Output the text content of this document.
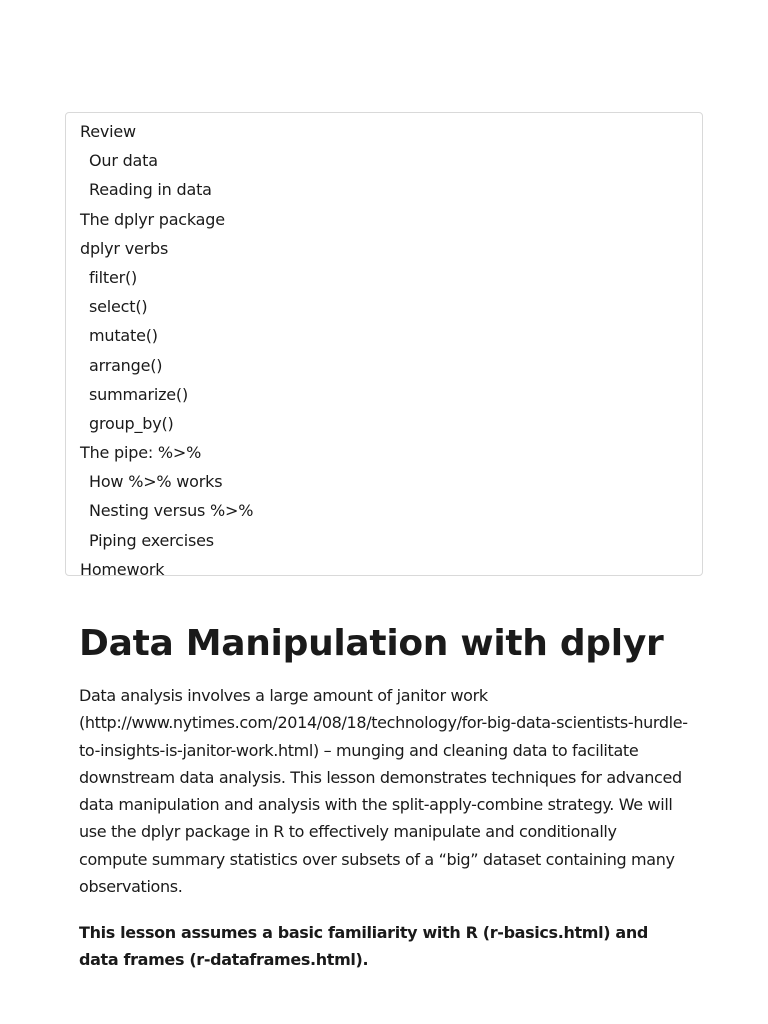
Review
Our data
Reading in data
The dplyr package
dplyr verbs
filter()
select()
mutate()
arrange()
summarize()
group_by()
The pipe: %>%
How %>% works
Nesting versus %>%
Piping exercises
Homework
Data Manipulation with dplyr

Data analysis involves a large amount of janitor work (http://www.nytimes.com/2014/08/18/technology/for-big-data-scientists-hurdle-to-insights-is-janitor-work.html) – munging and cleaning data to facilitate downstream data analysis. This lesson demonstrates techniques for advanced data manipulation and analysis with the split-apply-combine strategy. We will use the dplyr package in R to effectively manipulate and conditionally compute summary statistics over subsets of a “big” dataset containing many observations.

This lesson assumes a basic familiarity with R (r-basics.html) and data frames (r-dataframes.html).
